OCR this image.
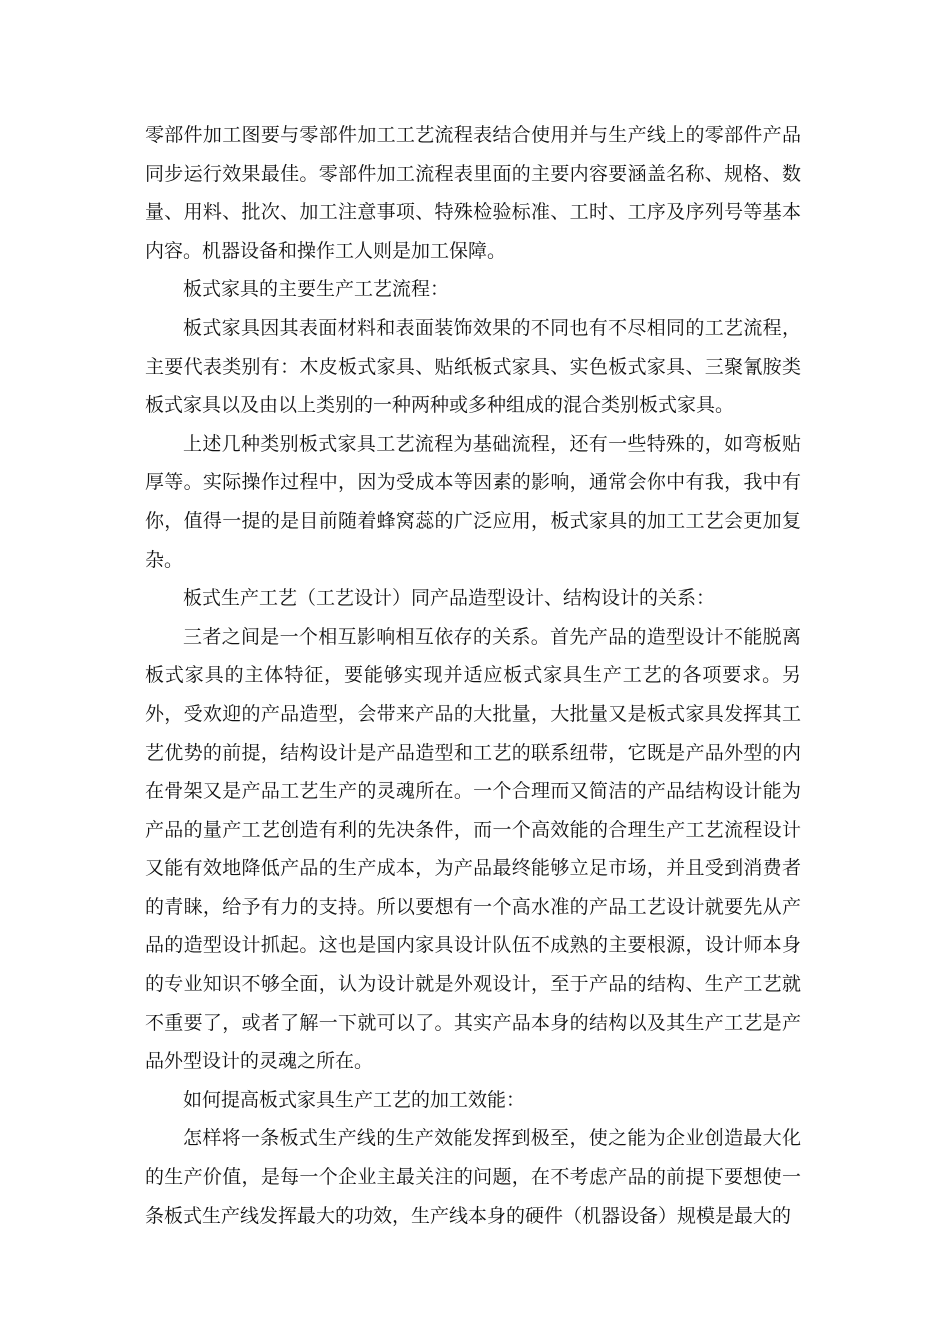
零部件加工图要与零部件加工工艺流程表结合使用并与生产线上的零部件产品同步运行效果最佳。零部件加工流程表里面的主要内容要涵盖名称、规格、数量、用料、批次、加工注意事项、特殊检验标准、工时、工序及序列号等基本内容。机器设备和操作工人则是加工保障。

板式家具的主要生产工艺流程：

板式家具因其表面材料和表面装饰效果的不同也有不尽相同的工艺流程，主要代表类别有：木皮板式家具、贴纸板式家具、实色板式家具、三聚氰胺类板式家具以及由以上类别的一种两种或多种组成的混合类别板式家具。

上述几种类别板式家具工艺流程为基础流程，还有一些特殊的，如弯板贴厚等。实际操作过程中，因为受成本等因素的影响，通常会你中有我，我中有你，值得一提的是目前随着蜂窝蕊的广泛应用，板式家具的加工工艺会更加复杂。

板式生产工艺（工艺设计）同产品造型设计、结构设计的关系：

三者之间是一个相互影响相互依存的关系。首先产品的造型设计不能脱离板式家具的主体特征，要能够实现并适应板式家具生产工艺的各项要求。另外，受欢迎的产品造型，会带来产品的大批量，大批量又是板式家具发挥其工艺优势的前提，结构设计是产品造型和工艺的联系纽带，它既是产品外型的内在骨架又是产品工艺生产的灵魂所在。一个合理而又简洁的产品结构设计能为产品的量产工艺创造有利的先决条件，而一个高效能的合理生产工艺流程设计又能有效地降低产品的生产成本，为产品最终能够立足市场，并且受到消费者的青睐，给予有力的支持。所以要想有一个高水准的产品工艺设计就要先从产品的造型设计抓起。这也是国内家具设计队伍不成熟的主要根源，设计师本身的专业知识不够全面，认为设计就是外观设计，至于产品的结构、生产工艺就不重要了，或者了解一下就可以了。其实产品本身的结构以及其生产工艺是产品外型设计的灵魂之所在。

如何提高板式家具生产工艺的加工效能：

怎样将一条板式生产线的生产效能发挥到极至，使之能为企业创造最大化的生产价值，是每一个企业主最关注的问题，在不考虑产品的前提下要想使一条板式生产线发挥最大的功效，生产线本身的硬件（机器设备）规模是最大的
